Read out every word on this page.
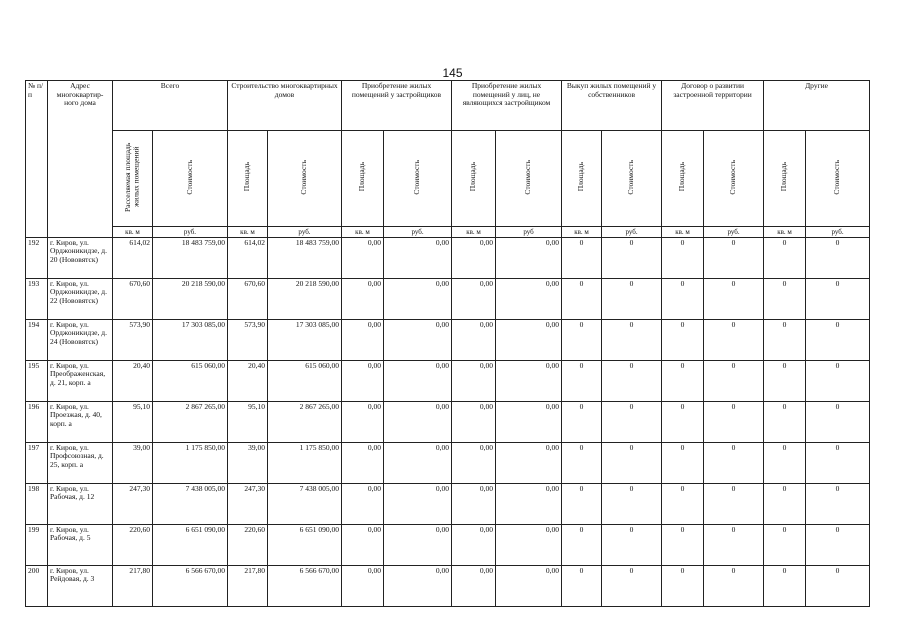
145
№ п/п	Адрес многоквартир-ного дома	Всего		Строительство многоквартирных домов		Приобретение жилых помещений у застройщиков		Приобретение жилых помещений у лиц, не являющихся застройщиком		Выкуп жилых помещений у собственников		Договор о развитии застроенной территории		Другие	
		Расселяемая площадь жилых помещений	Стоимость	Площадь	Стоимость	Площадь	Стоимость	Площадь	Стоимость	Площадь	Стоимость	Площадь	Стоимость	Площадь	Стоимость
		кв. м	руб.	кв. м	руб.	кв. м	руб.	кв. м	руб	кв. м	руб.	кв. м	руб.	кв. м	руб.
192	г. Киров, ул. Орджоникидзе, д. 20 (Нововятск)	614,02	18 483 759,00	614,02	18 483 759,00	0,00	0,00	0,00	0,00	0	0	0	0	0	0
193	г. Киров, ул. Орджоникидзе, д. 22 (Нововятск)	670,60	20 218 590,00	670,60	20 218 590,00	0,00	0,00	0,00	0,00	0	0	0	0	0	0
194	г. Киров, ул. Орджоникидзе, д. 24 (Нововятск)	573,90	17 303 085,00	573,90	17 303 085,00	0,00	0,00	0,00	0,00	0	0	0	0	0	0
195	г. Киров, ул. Преображенская, д. 21, корп. а	20,40	615 060,00	20,40	615 060,00	0,00	0,00	0,00	0,00	0	0	0	0	0	0
196	г. Киров, ул. Проезжая, д. 40, корп. а	95,10	2 867 265,00	95,10	2 867 265,00	0,00	0,00	0,00	0,00	0	0	0	0	0	0
197	г. Киров, ул. Профсоюзная, д. 25, корп. а	39,00	1 175 850,00	39,00	1 175 850,00	0,00	0,00	0,00	0,00	0	0	0	0	0	0
198	г. Киров, ул. Рабочая, д. 12	247,30	7 438 005,00	247,30	7 438 005,00	0,00	0,00	0,00	0,00	0	0	0	0	0	0
199	г. Киров, ул. Рабочая, д. 5	220,60	6 651 090,00	220,60	6 651 090,00	0,00	0,00	0,00	0,00	0	0	0	0	0	0
200	г. Киров, ул. Рейдовая, д. 3	217,80	6 566 670,00	217,80	6 566 670,00	0,00	0,00	0,00	0,00	0	0	0	0	0	0
